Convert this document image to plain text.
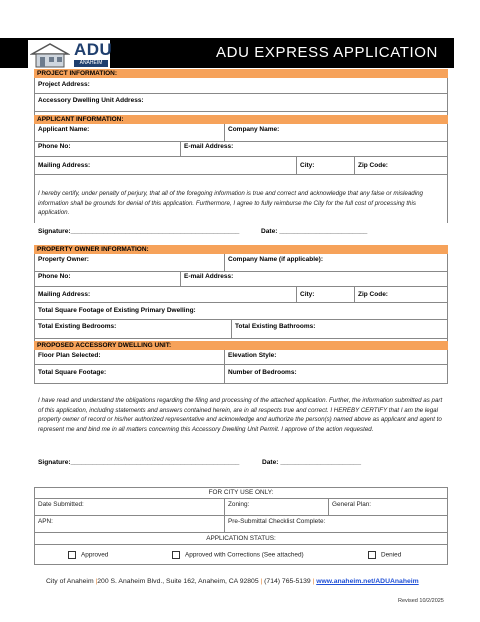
ADU
ANAHEIM
ADU EXPRESS APPLICATION
PROJECT INFORMATION:
Project Address:
Accessory Dwelling Unit Address:
APPLICANT INFORMATION:
Applicant Name:	Company Name:
Phone No:	E-mail Address:
Mailing Address:	City:	Zip Code:
I hereby certify, under penalty of perjury, that all of the foregoing information is true and correct and acknowledge that any false or misleading information shall be grounds for denial of this application. Furthermore, I agree to fully reimburse the City for the full cost of processing this application.
Signature:______________________________________________	Date: ________________________
PROPERTY OWNER INFORMATION:
Property Owner:	Company Name (if applicable):
Phone No:	E-mail Address:
Mailing Address:	City:	Zip Code:
Total Square Footage of Existing Primary Dwelling:
Total Existing Bedrooms:	Total Existing Bathrooms:
PROPOSED ACCESSORY DWELLING UNIT:
Floor Plan Selected:	Elevation Style:
Total Square Footage:	Number of Bedrooms:
I have read and understand the obligations regarding the filing and processing of the attached application. Further, the information submitted as part of this application, including statements and answers contained herein, are in all respects true and correct. I HEREBY CERTIFY that I am the legal property owner of record or his/her authorized representative and acknowledge and authorize the person(s) named above as applicant and agent to represent me and bind me in all matters concerning this Accessory Dwelling Unit Permit. I approve of the action requested.
Signature:______________________________________________	Date: ______________________
FOR CITY USE ONLY:
Date Submitted:	Zoning:	General Plan:
APN:	Pre-Submittal Checklist Complete:
APPLICATION STATUS:
Approved	Approved with Corrections (See attached)	Denied
City of Anaheim |200 S. Anaheim Blvd., Suite 162, Anaheim, CA 92805 | (714) 765-5139 | www.anaheim.net/ADUAnaheim
Revised 10/2/2025
